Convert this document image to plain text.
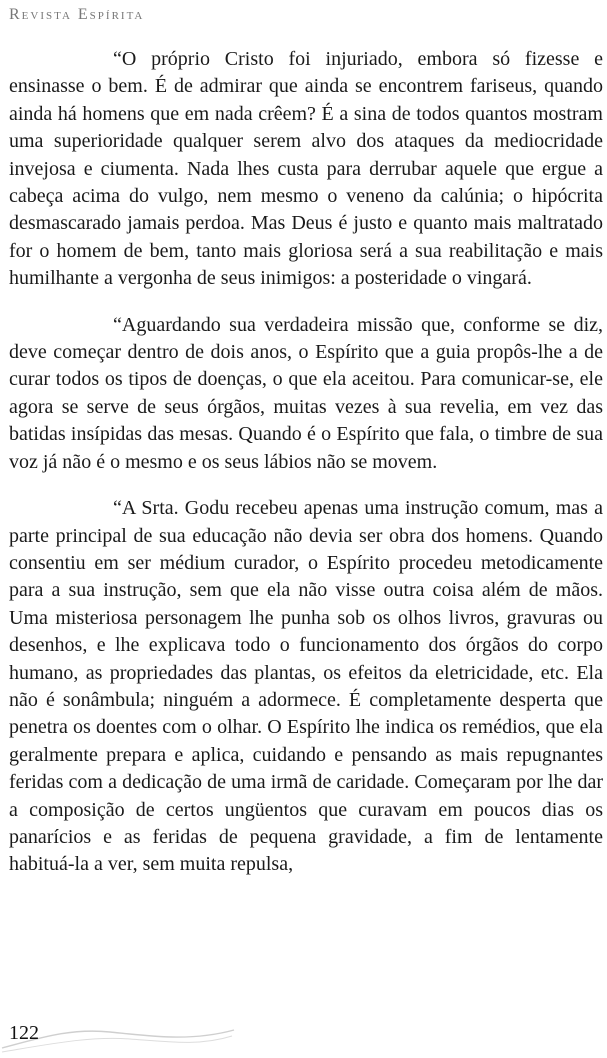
Revista Espírita

“O próprio Cristo foi injuriado, embora só fizesse e ensinasse o bem. É de admirar que ainda se encontrem fariseus, quando ainda há homens que em nada crêem? É a sina de todos quantos mostram uma superioridade qualquer serem alvo dos ataques da mediocridade invejosa e ciumenta. Nada lhes custa para derrubar aquele que ergue a cabeça acima do vulgo, nem mesmo o veneno da calúnia; o hipócrita desmascarado jamais perdoa. Mas Deus é justo e quanto mais maltratado for o homem de bem, tanto mais gloriosa será a sua reabilitação e mais humilhante a vergonha de seus inimigos: a posteridade o vingará.

“Aguardando sua verdadeira missão que, conforme se diz, deve começar dentro de dois anos, o Espírito que a guia propôs-lhe a de curar todos os tipos de doenças, o que ela aceitou. Para comunicar-se, ele agora se serve de seus órgãos, muitas vezes à sua revelia, em vez das batidas insípidas das mesas. Quando é o Espírito que fala, o timbre de sua voz já não é o mesmo e os seus lábios não se movem.

“A Srta. Godu recebeu apenas uma instrução comum, mas a parte principal de sua educação não devia ser obra dos homens. Quando consentiu em ser médium curador, o Espírito procedeu metodicamente para a sua instrução, sem que ela não visse outra coisa além de mãos. Uma misteriosa personagem lhe punha sob os olhos livros, gravuras ou desenhos, e lhe explicava todo o funcionamento dos órgãos do corpo humano, as propriedades das plantas, os efeitos da eletricidade, etc. Ela não é sonâmbula; ninguém a adormece. É completamente desperta que penetra os doentes com o olhar. O Espírito lhe indica os remédios, que ela geralmente prepara e aplica, cuidando e pensando as mais repugnantes feridas com a dedicação de uma irmã de caridade. Começaram por lhe dar a composição de certos ungüentos que curavam em poucos dias os panarícios e as feridas de pequena gravidade, a fim de lentamente habituá-la a ver, sem muita repulsa,

122
